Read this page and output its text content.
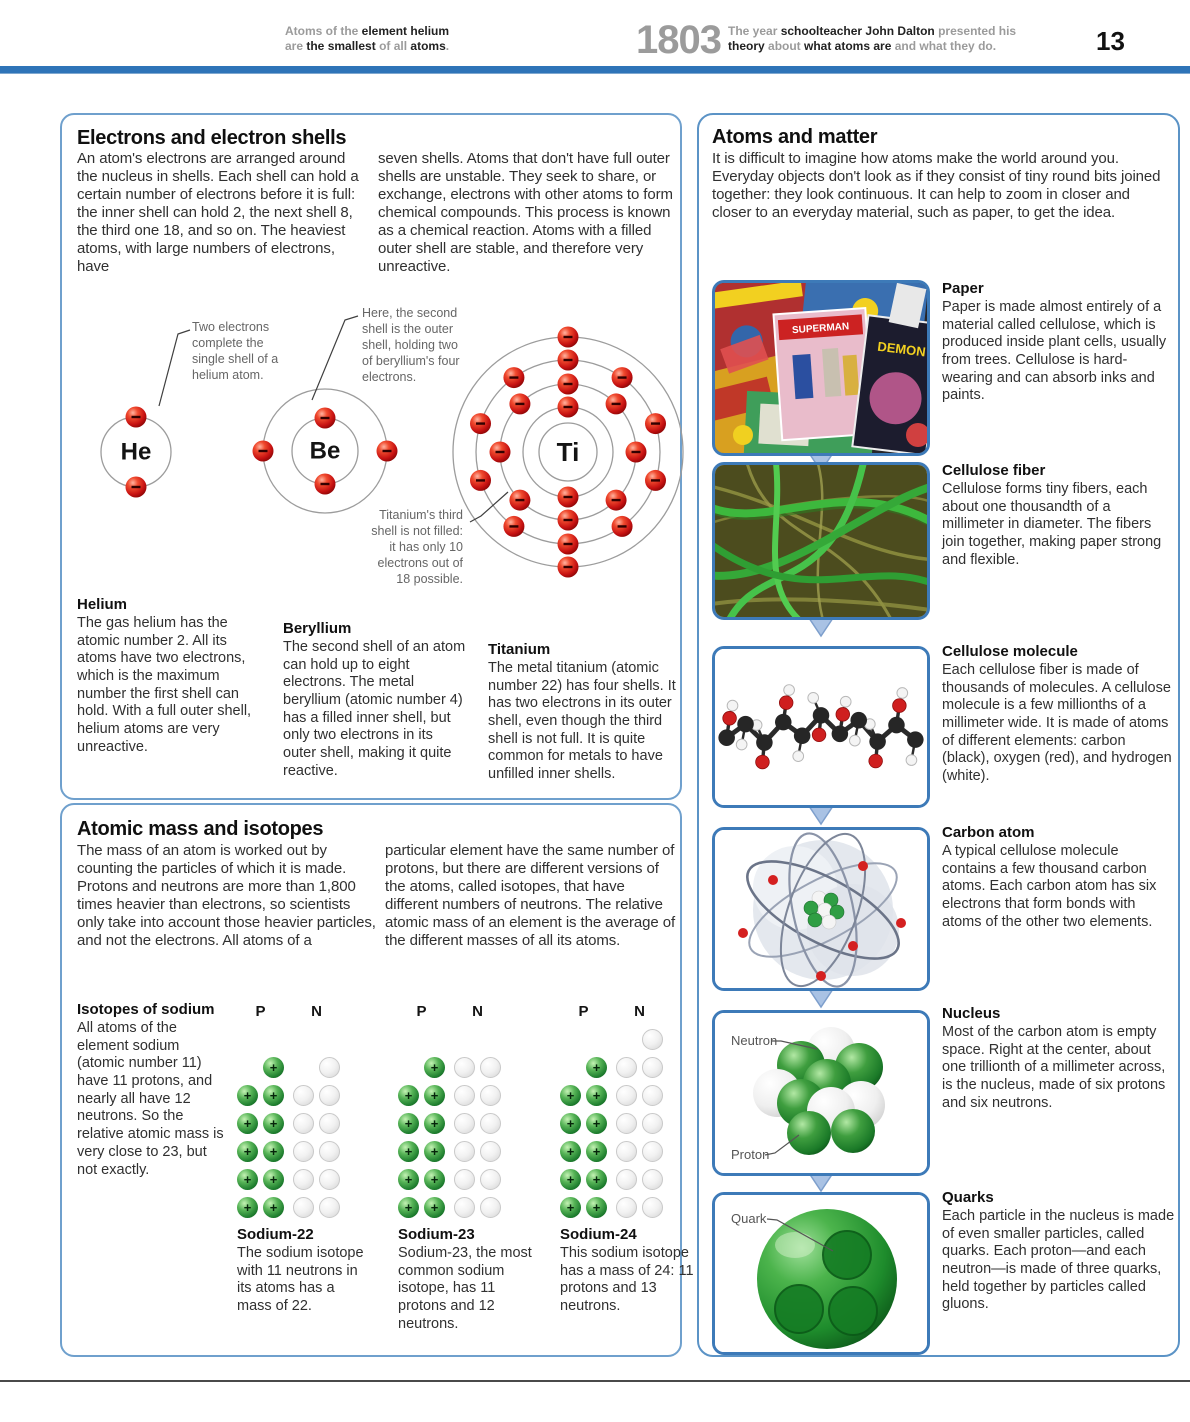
Atoms of the element helium are the smallest of all atoms.	1803 The year schoolteacher John Dalton presented his theory about what atoms are and what they do.	13
Electrons and electron shells
An atom's electrons are arranged around the nucleus in shells. Each shell can hold a certain number of electrons before it is full: the inner shell can hold 2, the next shell 8, the third one 18, and so on. The heaviest atoms, with large numbers of electrons, have
seven shells. Atoms that don't have full outer shells are unstable. They seek to share, or exchange, electrons with other atoms to form chemical compounds. This process is known as a chemical reaction. Atoms with a filled outer shell are stable, and therefore very unreactive.
He	Be	Ti
Two electrons complete the single shell of a helium atom.
Here, the second shell is the outer shell, holding two of beryllium's four electrons.
Titanium's third shell is not filled: it has only 10 electrons out of 18 possible.
Helium
The gas helium has the atomic number 2. All its atoms have two electrons, which is the maximum number the first shell can hold. With a full outer shell, helium atoms are very unreactive.
Beryllium
The second shell of an atom can hold up to eight electrons. The metal beryllium (atomic number 4) has a filled inner shell, but only two electrons in its outer shell, making it quite reactive.
Titanium
The metal titanium (atomic number 22) has four shells. It has two electrons in its outer shell, even though the third shell is not full. It is quite common for metals to have unfilled inner shells.
Atomic mass and isotopes
The mass of an atom is worked out by counting the particles of which it is made. Protons and neutrons are more than 1,800 times heavier than electrons, so scientists only take into account those heavier particles, and not the electrons. All atoms of a
particular element have the same number of protons, but there are different versions of the atoms, called isotopes, that have different numbers of neutrons. The relative atomic mass of an element is the average of the different masses of all its atoms.
Isotopes of sodium
All atoms of the element sodium (atomic number 11) have 11 protons, and nearly all have 12 neutrons. So the relative atomic mass is very close to 23, but not exactly.
P	N
+
+ +
+ +
+ +
+ +
+ +
P	N
+
+ +
+ +
+ +
+ +
+ +
P	N
+
+ +
+ +
+ +
+ +
+ +
Sodium-22
The sodium isotope with 11 neutrons in its atoms has a mass of 22.
Sodium-23
Sodium-23, the most common sodium isotope, has 11 protons and 12 neutrons.
Sodium-24
This sodium isotope has a mass of 24: 11 protons and 13 neutrons.
Atoms and matter
It is difficult to imagine how atoms make the world around you. Everyday objects don't look as if they consist of tiny round bits joined together: they look continuous. It can help to zoom in closer and closer to an everyday material, such as paper, to get the idea.
SUPERMAN
DEMON
Neutron
Proton
Quark
Paper
Paper is made almost entirely of a material called cellulose, which is produced inside plant cells, usually from trees. Cellulose is hard-wearing and can absorb inks and paints.
Cellulose fiber
Cellulose forms tiny fibers, each about one thousandth of a millimeter in diameter. The fibers join together, making paper strong and flexible.
Cellulose molecule
Each cellulose fiber is made of thousands of molecules. A cellulose molecule is a few millionths of a millimeter wide. It is made of atoms of different elements: carbon (black), oxygen (red), and hydrogen (white).
Carbon atom
A typical cellulose molecule contains a few thousand carbon atoms. Each carbon atom has six electrons that form bonds with atoms of the other two elements.
Nucleus
Most of the carbon atom is empty space. Right at the center, about one trillionth of a millimeter across, is the nucleus, made of six protons and six neutrons.
Quarks
Each particle in the nucleus is made of even smaller particles, called quarks. Each proton—and each neutron—is made of three quarks, held together by particles called gluons.
